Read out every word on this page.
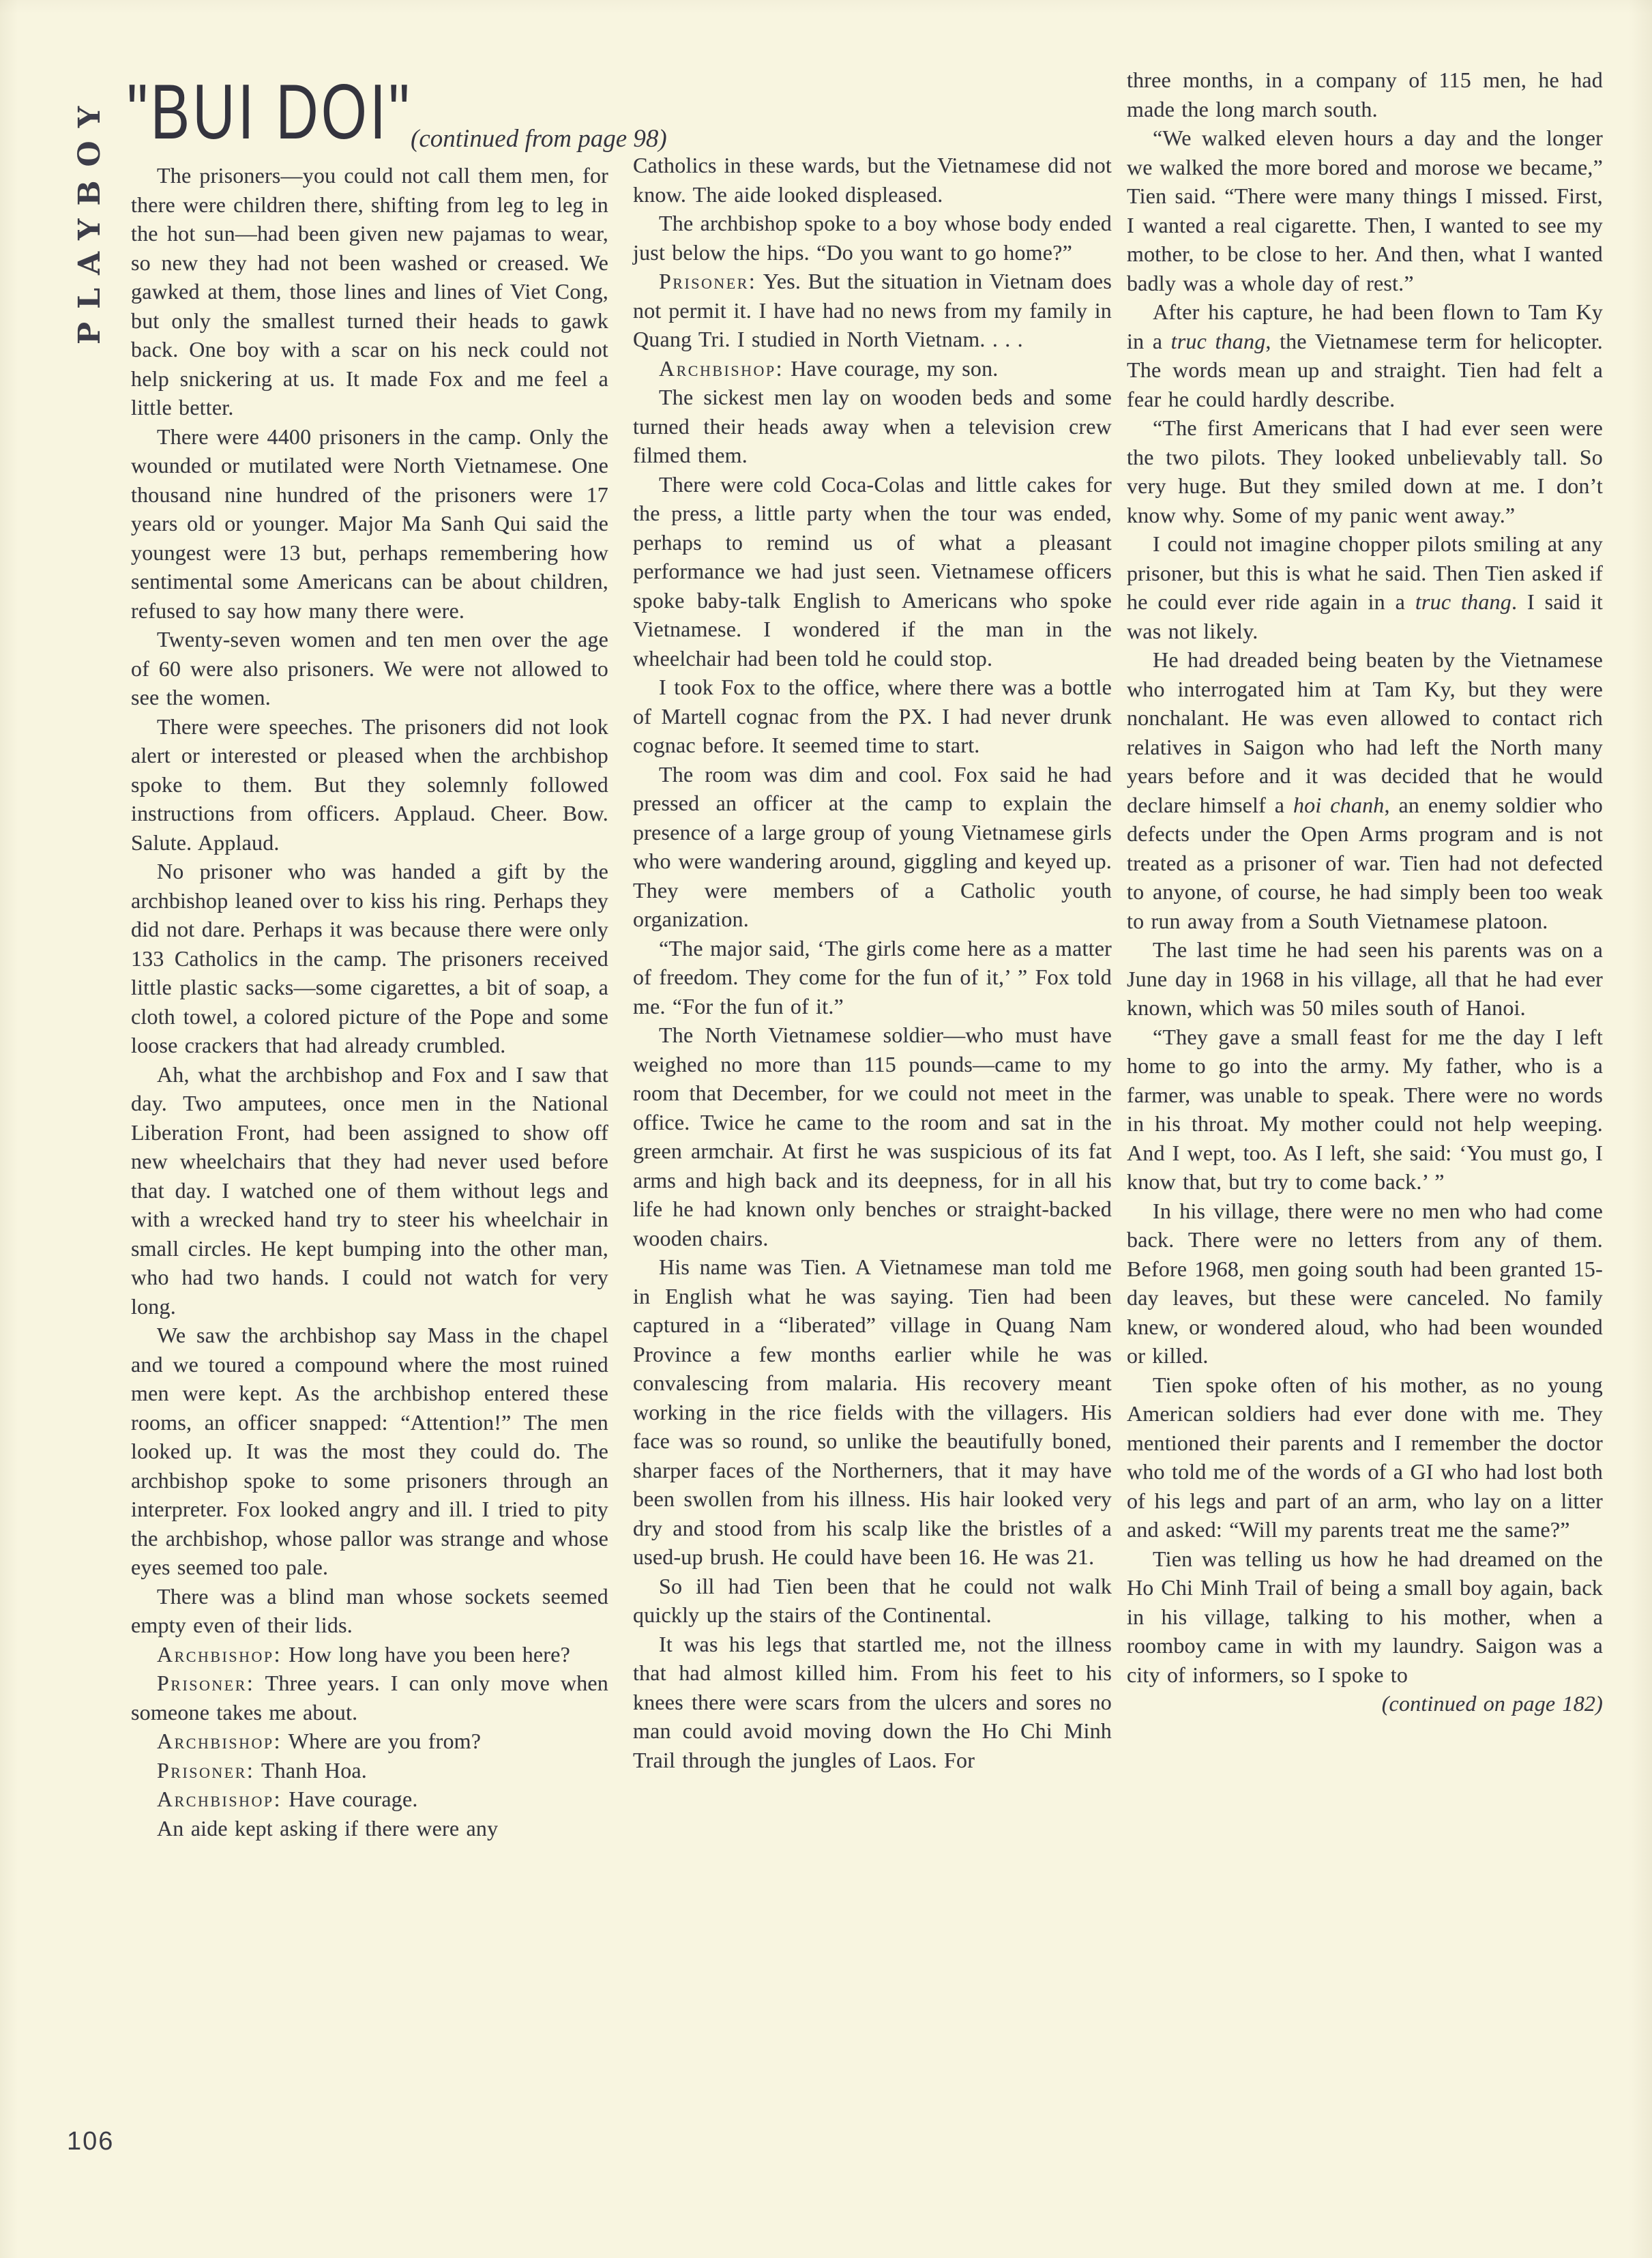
PLAYBOY "BUI DOI"
(continued from page 98)

The prisoners—you could not call them men, for there were children there, shifting from leg to leg in the hot sun—had been given new pajamas to wear, so new they had not been washed or creased. We gawked at them, those lines and lines of Viet Cong, but only the smallest turned their heads to gawk back. One boy with a scar on his neck could not help snickering at us. It made Fox and me feel a little better.

There were 4400 prisoners in the camp. Only the wounded or mutilated were North Vietnamese. One thousand nine hundred of the prisoners were 17 years old or younger. Major Ma Sanh Qui said the youngest were 13 but, perhaps remembering how sentimental some Americans can be about children, refused to say how many there were.

Twenty-seven women and ten men over the age of 60 were also prisoners. We were not allowed to see the women.

There were speeches. The prisoners did not look alert or interested or pleased when the archbishop spoke to them. But they solemnly followed instructions from officers. Applaud. Cheer. Bow. Salute. Applaud.

No prisoner who was handed a gift by the archbishop leaned over to kiss his ring. Perhaps they did not dare. Perhaps it was because there were only 133 Catholics in the camp. The prisoners received little plastic sacks—some cigarettes, a bit of soap, a cloth towel, a colored picture of the Pope and some loose crackers that had already crumbled.

Ah, what the archbishop and Fox and I saw that day. Two amputees, once men in the National Liberation Front, had been assigned to show off new wheelchairs that they had never used before that day. I watched one of them without legs and with a wrecked hand try to steer his wheelchair in small circles. He kept bumping into the other man, who had two hands. I could not watch for very long.

We saw the archbishop say Mass in the chapel and we toured a compound where the most ruined men were kept. As the archbishop entered these rooms, an officer snapped: “Attention!” The men looked up. It was the most they could do. The archbishop spoke to some prisoners through an interpreter. Fox looked angry and ill. I tried to pity the archbishop, whose pallor was strange and whose eyes seemed too pale.

There was a blind man whose sockets seemed empty even of their lids.

Archbishop: How long have you been here?

Prisoner: Three years. I can only move when someone takes me about.

Archbishop: Where are you from?

Prisoner: Thanh Hoa.

Archbishop: Have courage.

An aide kept asking if there were any

Catholics in these wards, but the Vietnamese did not know. The aide looked displeased.

The archbishop spoke to a boy whose body ended just below the hips. “Do you want to go home?”

Prisoner: Yes. But the situation in Vietnam does not permit it. I have had no news from my family in Quang Tri. I studied in North Vietnam. . . .

Archbishop: Have courage, my son.

The sickest men lay on wooden beds and some turned their heads away when a television crew filmed them.

There were cold Coca-Colas and little cakes for the press, a little party when the tour was ended, perhaps to remind us of what a pleasant performance we had just seen. Vietnamese officers spoke baby-talk English to Americans who spoke Vietnamese. I wondered if the man in the wheelchair had been told he could stop.

I took Fox to the office, where there was a bottle of Martell cognac from the PX. I had never drunk cognac before. It seemed time to start.

The room was dim and cool. Fox said he had pressed an officer at the camp to explain the presence of a large group of young Vietnamese girls who were wandering around, giggling and keyed up. They were members of a Catholic youth organization.

“The major said, ‘The girls come here as a matter of freedom. They come for the fun of it,’ ” Fox told me. “For the fun of it.”

The North Vietnamese soldier—who must have weighed no more than 115 pounds—came to my room that December, for we could not meet in the office. Twice he came to the room and sat in the green armchair. At first he was suspicious of its fat arms and high back and its deepness, for in all his life he had known only benches or straight-backed wooden chairs.

His name was Tien. A Vietnamese man told me in English what he was saying. Tien had been captured in a “liberated” village in Quang Nam Province a few months earlier while he was convalescing from malaria. His recovery meant working in the rice fields with the villagers. His face was so round, so unlike the beautifully boned, sharper faces of the Northerners, that it may have been swollen from his illness. His hair looked very dry and stood from his scalp like the bristles of a used-up brush. He could have been 16. He was 21.

So ill had Tien been that he could not walk quickly up the stairs of the Continental.

It was his legs that startled me, not the illness that had almost killed him. From his feet to his knees there were scars from the ulcers and sores no man could avoid moving down the Ho Chi Minh Trail through the jungles of Laos. For

three months, in a company of 115 men, he had made the long march south.

“We walked eleven hours a day and the longer we walked the more bored and morose we became,” Tien said. “There were many things I missed. First, I wanted a real cigarette. Then, I wanted to see my mother, to be close to her. And then, what I wanted badly was a whole day of rest.”

After his capture, he had been flown to Tam Ky in a truc thang, the Vietnamese term for helicopter. The words mean up and straight. Tien had felt a fear he could hardly describe.

“The first Americans that I had ever seen were the two pilots. They looked unbelievably tall. So very huge. But they smiled down at me. I don’t know why. Some of my panic went away.”

I could not imagine chopper pilots smiling at any prisoner, but this is what he said. Then Tien asked if he could ever ride again in a truc thang. I said it was not likely.

He had dreaded being beaten by the Vietnamese who interrogated him at Tam Ky, but they were nonchalant. He was even allowed to contact rich relatives in Saigon who had left the North many years before and it was decided that he would declare himself a hoi chanh, an enemy soldier who defects under the Open Arms program and is not treated as a prisoner of war. Tien had not defected to anyone, of course, he had simply been too weak to run away from a South Vietnamese platoon.

The last time he had seen his parents was on a June day in 1968 in his village, all that he had ever known, which was 50 miles south of Hanoi.

“They gave a small feast for me the day I left home to go into the army. My father, who is a farmer, was unable to speak. There were no words in his throat. My mother could not help weeping. And I wept, too. As I left, she said: ‘You must go, I know that, but try to come back.’ ”

In his village, there were no men who had come back. There were no letters from any of them. Before 1968, men going south had been granted 15-day leaves, but these were canceled. No family knew, or wondered aloud, who had been wounded or killed.

Tien spoke often of his mother, as no young American soldiers had ever done with me. They mentioned their parents and I remember the doctor who told me of the words of a GI who had lost both of his legs and part of an arm, who lay on a litter and asked: “Will my parents treat me the same?”

Tien was telling us how he had dreamed on the Ho Chi Minh Trail of being a small boy again, back in his village, talking to his mother, when a roomboy came in with my laundry. Saigon was a city of informers, so I spoke to

(continued on page 182)

106
